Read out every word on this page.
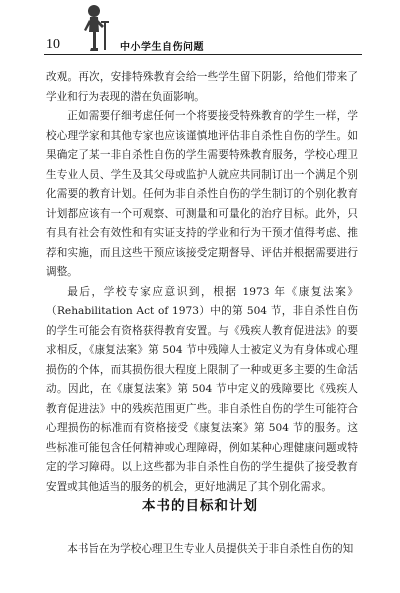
10	中小学生自伤问题

改观。再次，安排特殊教育会给一些学生留下阴影，给他们带来了学业和行为表现的潜在负面影响。

正如需要仔细考虑任何一个将要接受特殊教育的学生一样，学校心理学家和其他专家也应该谨慎地评估非自杀性自伤的学生。如果确定了某一非自杀性自伤的学生需要特殊教育服务，学校心理卫生专业人员、学生及其父母或监护人就应共同制订出一个满足个别化需要的教育计划。任何为非自杀性自伤的学生制订的个别化教育计划都应该有一个可观察、可测量和可量化的治疗目标。此外，只有具有社会有效性和有实证支持的学业和行为干预才值得考虑、推荐和实施，而且这些干预应该接受定期督导、评估并根据需要进行调整。

最后，学校专家应意识到，根据 1973 年《康复法案》（Rehabilitation Act of 1973）中的第 504 节，非自杀性自伤的学生可能会有资格获得教育安置。与《残疾人教育促进法》的要求相反，《康复法案》第 504 节中残障人士被定义为有身体或心理损伤的个体，而其损伤很大程度上限制了一种或更多主要的生命活动。因此，在《康复法案》第 504 节中定义的残障要比《残疾人教育促进法》中的残疾范围更广些。非自杀性自伤的学生可能符合心理损伤的标准而有资格接受《康复法案》第 504 节的服务。这些标准可能包含任何精神或心理障碍，例如某种心理健康问题或特定的学习障碍。以上这些都为非自杀性自伤的学生提供了接受教育安置或其他适当的服务的机会，更好地满足了其个别化需求。

本书的目标和计划
本书旨在为学校心理卫生专业人员提供关于非自杀性自伤的知
